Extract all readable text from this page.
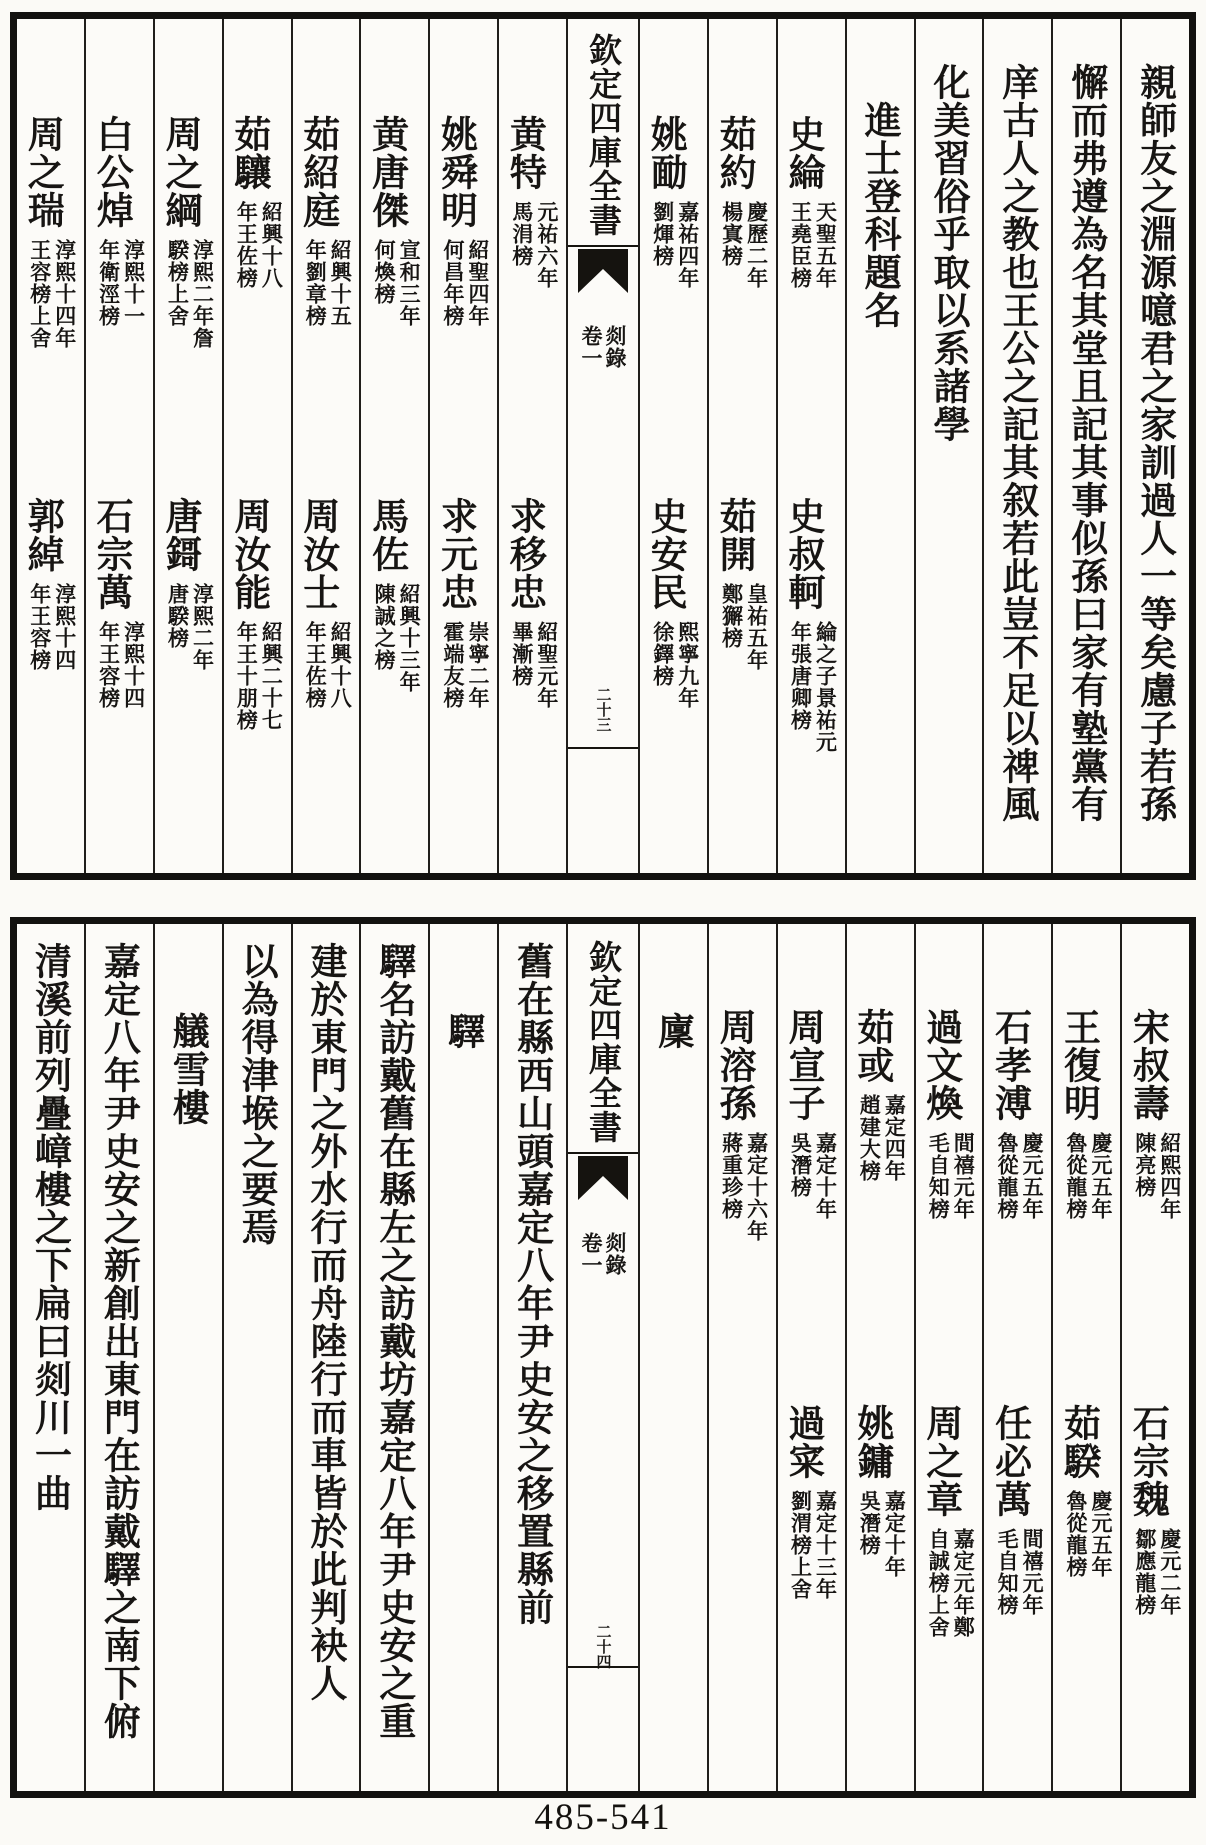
親師友之淵源噫君之家訓過人一等矣慮子若孫
懈而弗遵為名其堂且記其事似孫曰家有塾黨有
庠古人之教也王公之記其叙若此豈不足以禆風
化美習俗乎取以系諸學
進士登科題名
史綸
天聖五年
王堯臣榜
史叔軻
綸之子景祐元
年張唐卿榜
茹約
慶歷二年
楊寘榜
茹開
皇祐五年
鄭獬榜
姚勔
嘉祐四年
劉煇榜
史安民
熙寧九年
徐鐸榜
欽定四庫全書
剡錄
卷一
二十三
黄特
元祐六年
馬涓榜
求移忠
紹聖元年
畢漸榜
姚舜明
紹聖四年
何昌年榜
求元忠
崇寧二年
霍端友榜
黄唐傑
宣和三年
何煥榜
馬佐
紹興十三年
陳誠之榜
茹紹庭
紹興十五
年劉章榜
周汝士
紹興十八
年王佐榜
茹驤
紹興十八
年王佐榜
周汝能
紹興二十七
年王十朋榜
周之綱
淳熙二年詹
騤榜上舍
唐鎶
淳熙二年
唐騤榜
白公焯
淳熙十一
年衛涇榜
石宗萬
淳熙十四
年王容榜
周之瑞
淳熙十四年
王容榜上舍
郭綽
淳熙十四
年王容榜
宋叔壽
紹熙四年
陳亮榜
石宗魏
慶元二年
鄒應龍榜
王復明
慶元五年
魯從龍榜
茹騤
慶元五年
魯從龍榜
石孝溥
慶元五年
魯從龍榜
任必萬
間禧元年
毛自知榜
過文煥
間禧元年
毛自知榜
周之章
嘉定元年鄭
自誠榜上舍
茹或
嘉定四年
趙建大榜
姚鏞
嘉定十年
吳潛榜
周宣子
嘉定十年
吳潛榜
過寀
嘉定十三年
劉渭榜上舍
周溶孫
嘉定十六年
蔣重珍榜
廩
欽定四庫全書
剡錄
卷一
二十四
舊在縣西山頭嘉定八年尹史安之移置縣前
驛
驛名訪戴舊在縣左之訪戴坊嘉定八年尹史安之重
建於東門之外水行而舟陸行而車皆於此判袂人
以為得津堠之要焉
艤雪樓
嘉定八年尹史安之新創出東門在訪戴驛之南下俯
清溪前列疊嶂樓之下扁曰剡川一曲
485-541
